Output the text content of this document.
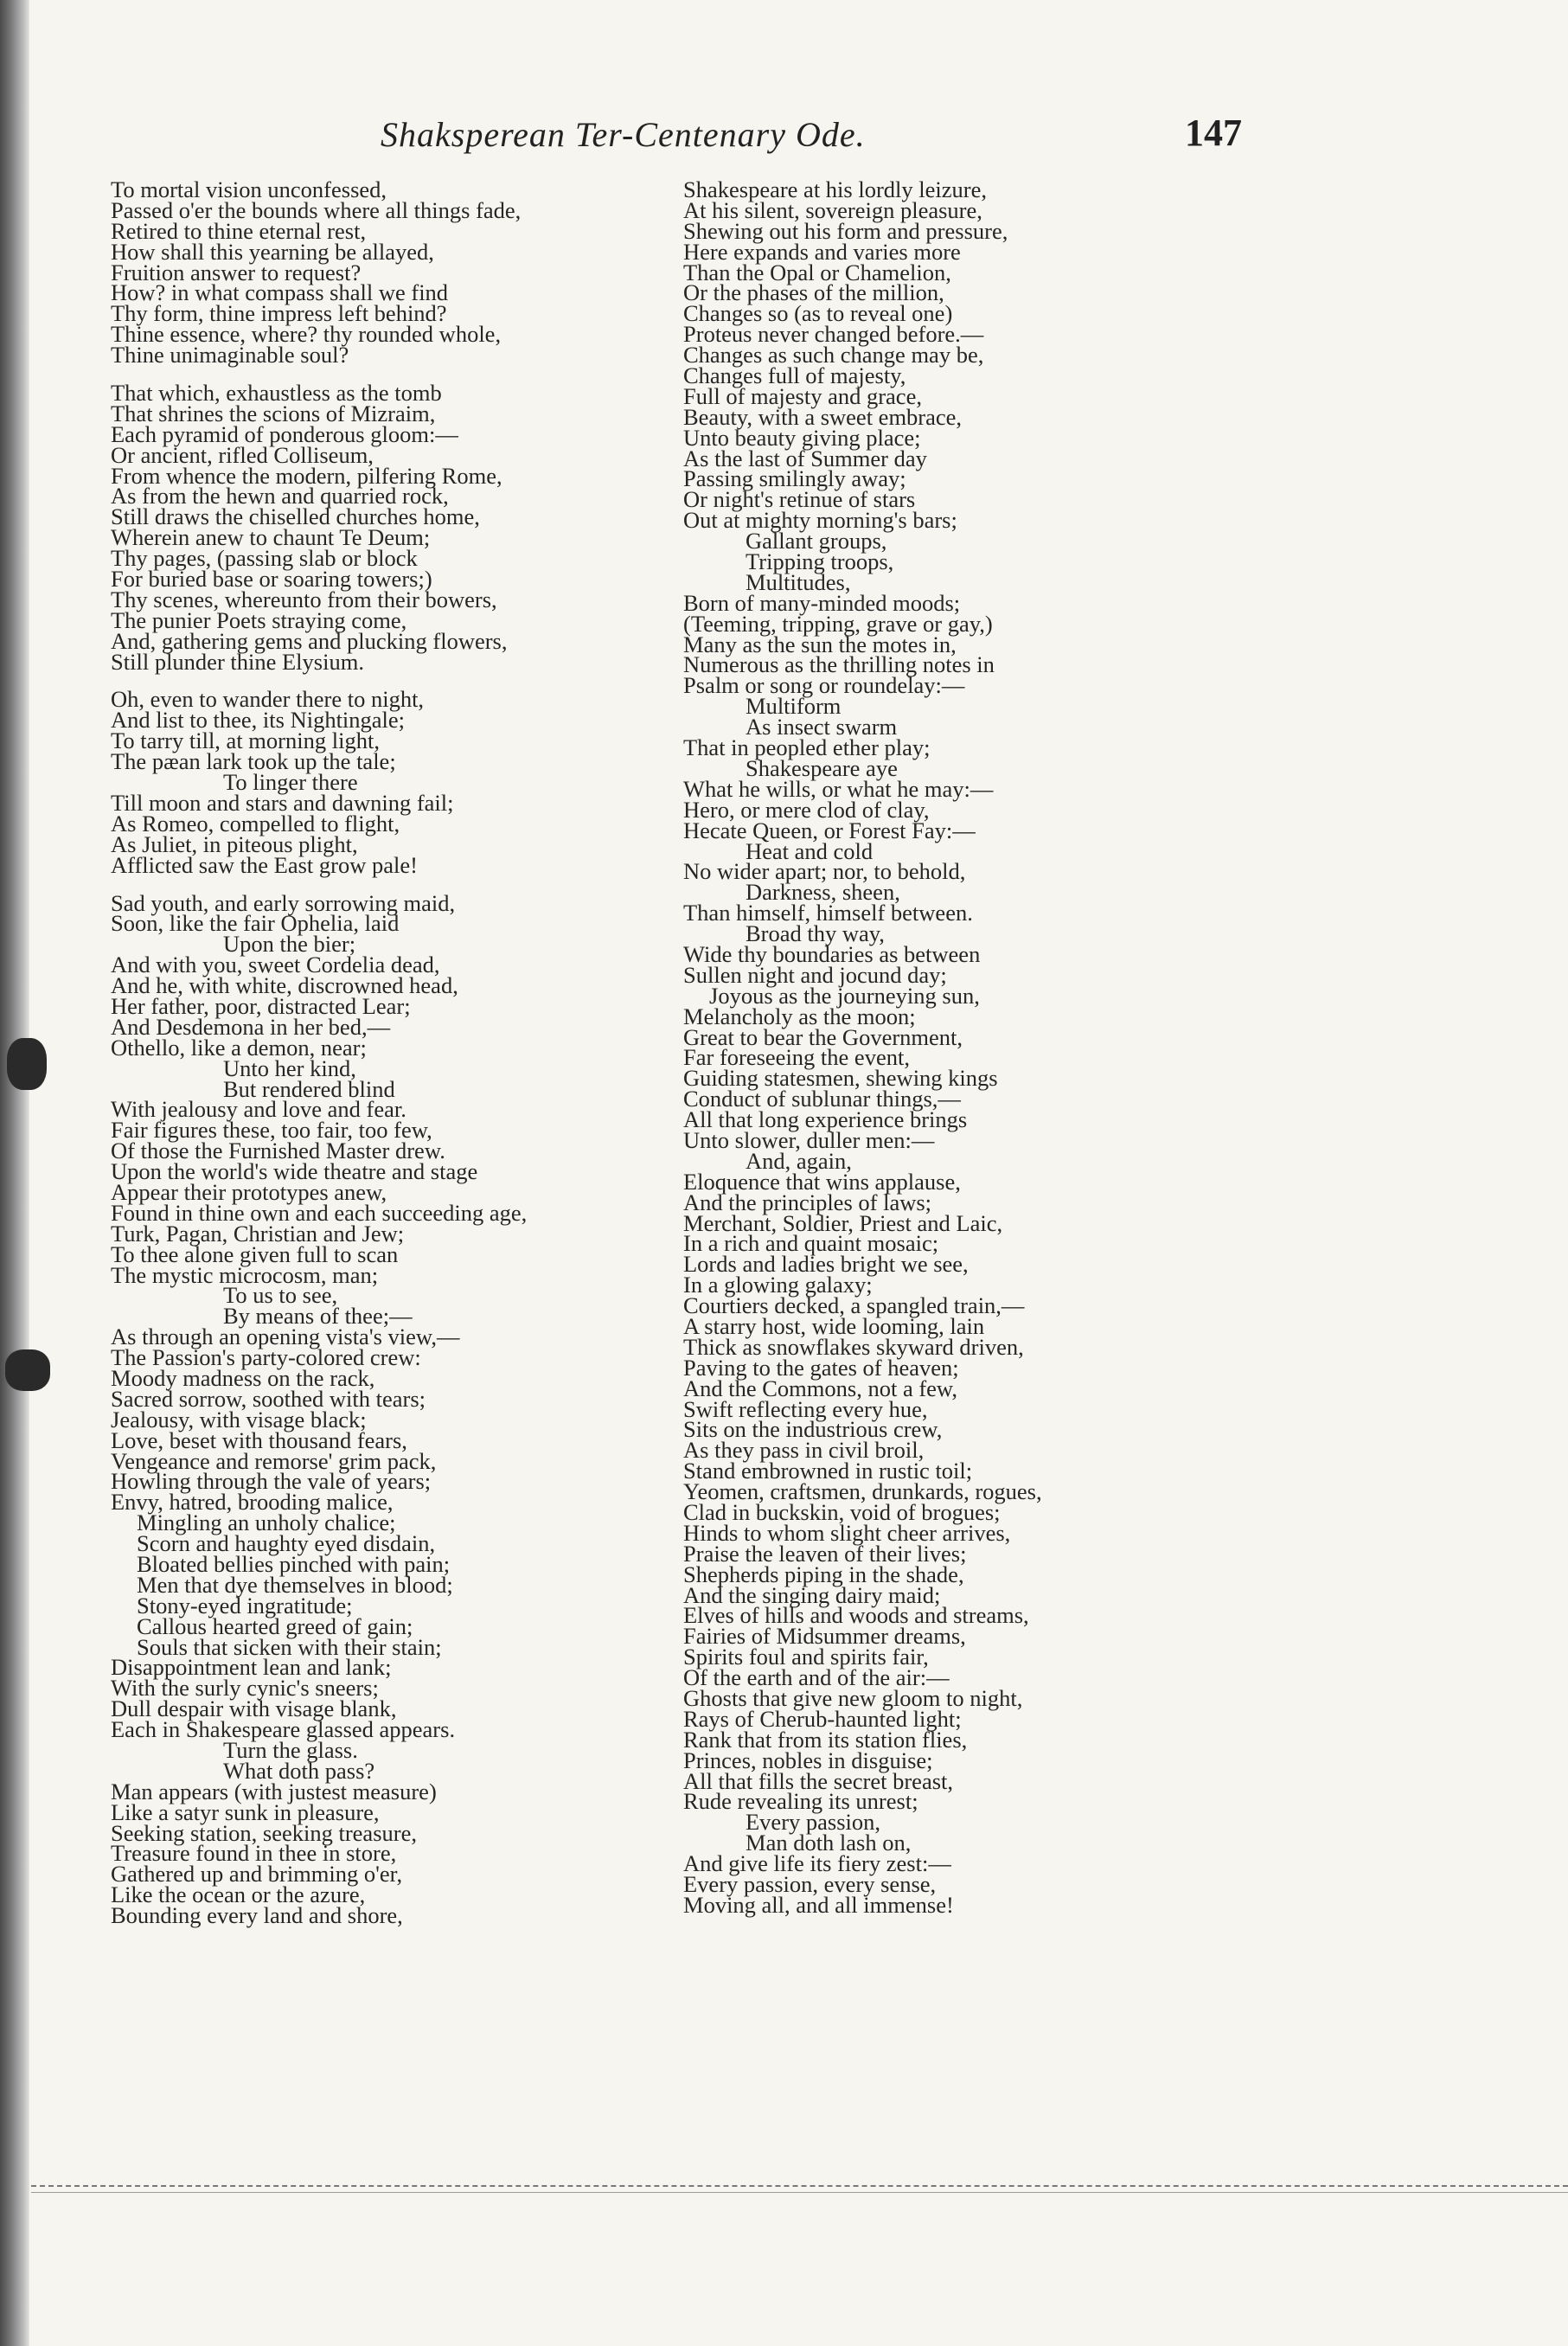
Shaksperean Ter-Centenary Ode.	147
To mortal vision unconfessed,
Passed o'er the bounds where all things fade,
Retired to thine eternal rest,
How shall this yearning be allayed,
Fruition answer to request?
How? in what compass shall we find
Thy form, thine impress left behind?
Thine essence, where? thy rounded whole,
Thine unimaginable soul?
That which, exhaustless as the tomb
That shrines the scions of Mizraim,
Each pyramid of ponderous gloom:—
Or ancient, rifled Colliseum,
From whence the modern, pilfering Rome,
As from the hewn and quarried rock,
Still draws the chiselled churches home,
Wherein anew to chaunt Te Deum;
Thy pages, (passing slab or block
For buried base or soaring towers;)
Thy scenes, whereunto from their bowers,
The punier Poets straying come,
And, gathering gems and plucking flowers,
Still plunder thine Elysium.
Oh, even to wander there to night,
And list to thee, its Nightingale;
To tarry till, at morning light,
The pæan lark took up the tale;
To linger there
Till moon and stars and dawning fail;
As Romeo, compelled to flight,
As Juliet, in piteous plight,
Afflicted saw the East grow pale!
Sad youth, and early sorrowing maid,
Soon, like the fair Ophelia, laid
Upon the bier;
And with you, sweet Cordelia dead,
And he, with white, discrowned head,
Her father, poor, distracted Lear;
And Desdemona in her bed,—
Othello, like a demon, near;
Unto her kind,
But rendered blind
With jealousy and love and fear.
Fair figures these, too fair, too few,
Of those the Furnished Master drew.
Upon the world's wide theatre and stage
Appear their prototypes anew,
Found in thine own and each succeeding age,
Turk, Pagan, Christian and Jew;
To thee alone given full to scan
The mystic microcosm, man;
To us to see,
By means of thee;—
As through an opening vista's view,—
The Passion's party-colored crew:
Moody madness on the rack,
Sacred sorrow, soothed with tears;
Jealousy, with visage black;
Love, beset with thousand fears,
Vengeance and remorse' grim pack,
Howling through the vale of years;
Envy, hatred, brooding malice,
Mingling an unholy chalice;
Scorn and haughty eyed disdain,
Bloated bellies pinched with pain;
Men that dye themselves in blood;
Stony-eyed ingratitude;
Callous hearted greed of gain;
Souls that sicken with their stain;
Disappointment lean and lank;
With the surly cynic's sneers;
Dull despair with visage blank,
Each in Shakespeare glassed appears.
Turn the glass.
What doth pass?
Man appears (with justest measure)
Like a satyr sunk in pleasure,
Seeking station, seeking treasure,
Treasure found in thee in store,
Gathered up and brimming o'er,
Like the ocean or the azure,
Bounding every land and shore,
Shakespeare at his lordly leizure,
At his silent, sovereign pleasure,
Shewing out his form and pressure,
Here expands and varies more
Than the Opal or Chamelion,
Or the phases of the million,
Changes so (as to reveal one)
Proteus never changed before.—
Changes as such change may be,
Changes full of majesty,
Full of majesty and grace,
Beauty, with a sweet embrace,
Unto beauty giving place;
As the last of Summer day
Passing smilingly away;
Or night's retinue of stars
Out at mighty morning's bars;
Gallant groups,
Tripping troops,
Multitudes,
Born of many-minded moods;
(Teeming, tripping, grave or gay,)
Many as the sun the motes in,
Numerous as the thrilling notes in
Psalm or song or roundelay:—
Multiform
As insect swarm
That in peopled ether play;
Shakespeare aye
What he wills, or what he may:—
Hero, or mere clod of clay,
Hecate Queen, or Forest Fay:—
Heat and cold
No wider apart; nor, to behold,
Darkness, sheen,
Than himself, himself between.
Broad thy way,
Wide thy boundaries as between
Sullen night and jocund day;
Joyous as the journeying sun,
Melancholy as the moon;
Great to bear the Government,
Far foreseeing the event,
Guiding statesmen, shewing kings
Conduct of sublunar things,—
All that long experience brings
Unto slower, duller men:—
And, again,
Eloquence that wins applause,
And the principles of laws;
Merchant, Soldier, Priest and Laic,
In a rich and quaint mosaic;
Lords and ladies bright we see,
In a glowing galaxy;
Courtiers decked, a spangled train,—
A starry host, wide looming, lain
Thick as snowflakes skyward driven,
Paving to the gates of heaven;
And the Commons, not a few,
Swift reflecting every hue,
Sits on the industrious crew,
As they pass in civil broil,
Stand embrowned in rustic toil;
Yeomen, craftsmen, drunkards, rogues,
Clad in buckskin, void of brogues;
Hinds to whom slight cheer arrives,
Praise the leaven of their lives;
Shepherds piping in the shade,
And the singing dairy maid;
Elves of hills and woods and streams,
Fairies of Midsummer dreams,
Spirits foul and spirits fair,
Of the earth and of the air:—
Ghosts that give new gloom to night,
Rays of Cherub-haunted light;
Rank that from its station flies,
Princes, nobles in disguise;
All that fills the secret breast,
Rude revealing its unrest;
Every passion,
Man doth lash on,
And give life its fiery zest:—
Every passion, every sense,
Moving all, and all immense!
